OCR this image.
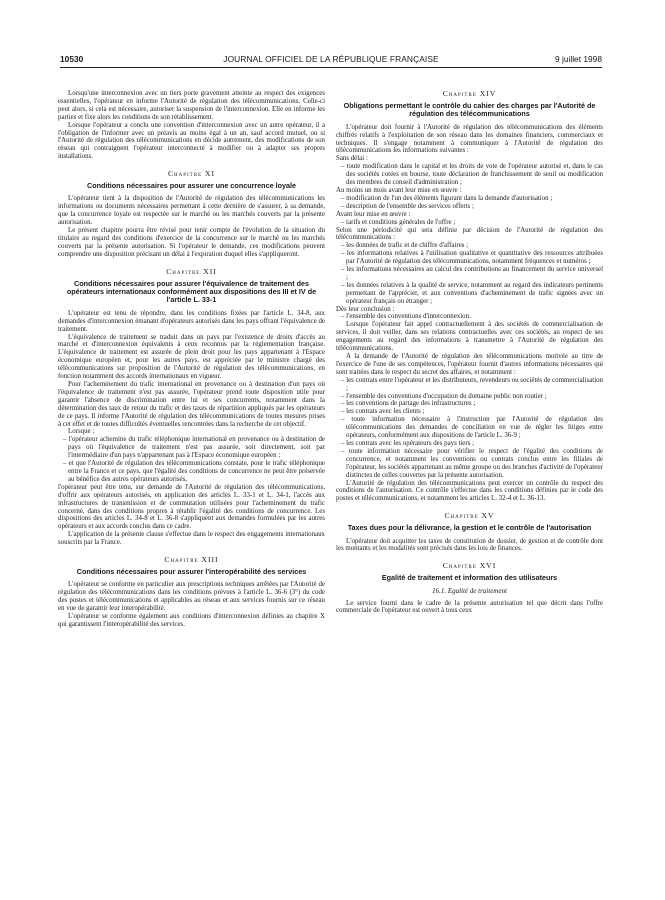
10530	JOURNAL OFFICIEL DE LA RÉPUBLIQUE FRANÇAISE	9 juillet 1998

Lorsqu'une interconnexion avec un tiers porte gravement atteinte au respect des exigences essentielles, l'opérateur en informe l'Autorité de régulation des télécommunications. Celle-ci peut alors, si cela est nécessaire, autoriser la suspension de l'interconnexion. Elle en informe les parties et fixe alors les conditions de son rétablissement.

Lorsque l'opérateur a conclu une convention d'interconnexion avec un autre opérateur, il a l'obligation de l'informer avec un préavis au moins égal à un an, sauf accord mutuel, ou si l'Autorité de régulation des télécommunications en décide autrement, des modifications de son réseau qui contraignent l'opérateur interconnecté à modifier ou à adapter ses propres installations.

Chapitre XI
Conditions nécessaires pour assurer une concurrence loyale

L'opérateur tient à la disposition de l'Autorité de régulation des télécommunications les informations ou documents nécessaires permettant à cette dernière de s'assurer, à sa demande, que la concurrence loyale est respectée sur le marché ou les marchés couverts par la présente autorisation.

Le présent chapitre pourra être révisé pour tenir compte de l'évolution de la situation du titulaire au regard des conditions d'exercice de la concurrence sur le marché ou les marchés couverts par la présente autorisation. Si l'opérateur le demande, ces modifications peuvent comprendre une disposition précisant un délai à l'expiration duquel elles s'appliqueront.

Chapitre XII
Conditions nécessaires pour assurer l'équivalence de traitement des opérateurs internationaux conformément aux dispositions des III et IV de l'article L. 33-1

L'opérateur est tenu de répondre, dans les conditions fixées par l'article L. 34-8, aux demandes d'interconnexion émanant d'opérateurs autorisés dans les pays offrant l'équivalence de traitement.

L'équivalence de traitement se traduit dans un pays par l'existence de droits d'accès au marché et d'interconnexion équivalents à ceux reconnus par la réglementation française. L'équivalence de traitement est assurée de plein droit pour les pays appartenant à l'Espace économique européen et, pour les autres pays, est appréciée par le ministre chargé des télécommunications sur proposition de l'Autorité de régulation des télécommunications, en fonction notamment des accords internationaux en vigueur.

Pour l'acheminement du trafic international en provenance ou à destination d'un pays où l'équivalence de traitement n'est pas assurée, l'opérateur prend toute disposition utile pour garantir l'absence de discrimination entre lui et ses concurrents, notamment dans la détermination des taux de retour du trafic et des taxes de répartition appliqués par les opérateurs de ce pays. Il informe l'Autorité de régulation des télécommunications de toutes mesures prises à cet effet et de toutes difficultés éventuelles rencontrées dans la recherche de cet objectif.

Lorsque :

– l'opérateur achemine du trafic téléphonique international en provenance ou à destination de pays où l'équivalence de traitement n'est pas assurée, soit directement, soit par l'intermédiaire d'un pays n'appartenant pas à l'Espace économique européen ;

– et que l'Autorité de régulation des télécommunications constate, pour le trafic téléphonique entre la France et ce pays, que l'égalité des conditions de concurrence ne peut être préservée au bénéfice des autres opérateurs autorisés,

l'opérateur peut être tenu, sur demande de l'Autorité de régulation des télécommunications, d'offrir aux opérateurs autorisés, en application des articles L. 33-1 et L. 34-1, l'accès aux infrastructures de transmission et de commutation utilisées pour l'acheminement du trafic concerné, dans des conditions propres à rétablir l'égalité des conditions de concurrence. Les dispositions des articles L. 34-8 et L. 36-8 s'appliquent aux demandes formulées par les autres opérateurs et aux accords conclus dans ce cadre.

L'application de la présente clause s'effectue dans le respect des engagements internationaux souscrits par la France.

Chapitre XIII
Conditions nécessaires pour assurer l'interopérabilité des services

L'opérateur se conforme en particulier aux prescriptions techniques arrêtées par l'Autorité de régulation des télécommunications dans les conditions prévues à l'article L. 36-6 (3°) du code des postes et télécommunications et applicables au réseau et aux services fournis sur ce réseau en vue de garantir leur interopérabilité.

L'opérateur se conforme également aux conditions d'interconnexion définies au chapitre X qui garantissent l'interopérabilité des services.

Chapitre XIV
Obligations permettant le contrôle du cahier des charges par l'Autorité de régulation des télécommunications

L'opérateur doit fournir à l'Autorité de régulation des télécommunications des éléments chiffrés relatifs à l'exploitation de son réseau dans les domaines financiers, commerciaux et techniques. Il s'engage notamment à communiquer à l'Autorité de régulation des télécommunications les informations suivantes :

Sans délai :

– toute modification dans le capital et les droits de vote de l'opérateur autorisé et, dans le cas des sociétés cotées en bourse, toute déclaration de franchissement de seuil ou modification des membres du conseil d'administration ;

Au moins un mois avant leur mise en œuvre :

– modification de l'un des éléments figurant dans la demande d'autorisation ;

– description de l'ensemble des services offerts ;

Avant leur mise en œuvre :

– tarifs et conditions générales de l'offre ;

Selon une périodicité qui sera définie par décision de l'Autorité de régulation des télécommunications :

– les données de trafic et de chiffre d'affaires ;

– les informations relatives à l'utilisation qualitative et quantitative des ressources attribuées par l'Autorité de régulation des télécommunications, notamment fréquences et numéros ;

– les informations nécessaires au calcul des contributions au financement du service universel ;

– les données relatives à la qualité de service, notamment au regard des indicateurs pertinents permettant de l'apprécier, et aux conventions d'acheminement de trafic signées avec un opérateur français ou étranger ;

Dès leur conclusion :

– l'ensemble des conventions d'interconnexion.

Lorsque l'opérateur fait appel contractuellement à des sociétés de commercialisation de services, il doit veiller, dans ses relations contractuelles avec ces sociétés, au respect de ses engagements au regard des informations à transmettre à l'Autorité de régulation des télécommunications.

A la demande de l'Autorité de régulation des télécommunications motivée au titre de l'exercice de l'une de ses compétences, l'opérateur fournit d'autres informations nécessaires qui sont traitées dans le respect du secret des affaires, et notamment :

– les contrats entre l'opérateur et les distributeurs, revendeurs ou sociétés de commercialisation ;

– l'ensemble des conventions d'occupation du domaine public non routier ;

– les conventions de partage des infrastructures ;

– les contrats avec les clients ;

– toute information nécessaire à l'instruction par l'Autorité de régulation des télécommunications des demandes de conciliation en vue de régler les litiges entre opérateurs, conformément aux dispositions de l'article L. 36-9 ;

– les contrats avec les opérateurs des pays tiers ;

– toute information nécessaire pour vérifier le respect de l'égalité des conditions de concurrence, et notamment les conventions ou contrats conclus entre les filiales de l'opérateur, les sociétés appartenant au même groupe ou des branches d'activité de l'opérateur distinctes de celles couvertes par la présente autorisation.

L'Autorité de régulation des télécommunications peut exercer un contrôle du respect des conditions de l'autorisation. Ce contrôle s'effectue dans les conditions définies par le code des postes et télécommunications, et notamment les articles L. 32-4 et L. 36-13.

Chapitre XV
Taxes dues pour la délivrance, la gestion et le contrôle de l'autorisation

L'opérateur doit acquitter les taxes de constitution de dossier, de gestion et de contrôle dont les montants et les modalités sont précisés dans les lois de finances.

Chapitre XVI
Egalité de traitement et information des utilisateurs
16.1. Egalité de traitement

Le service fourni dans le cadre de la présente autorisation tel que décrit dans l'offre commerciale de l'opérateur est ouvert à tous ceux
